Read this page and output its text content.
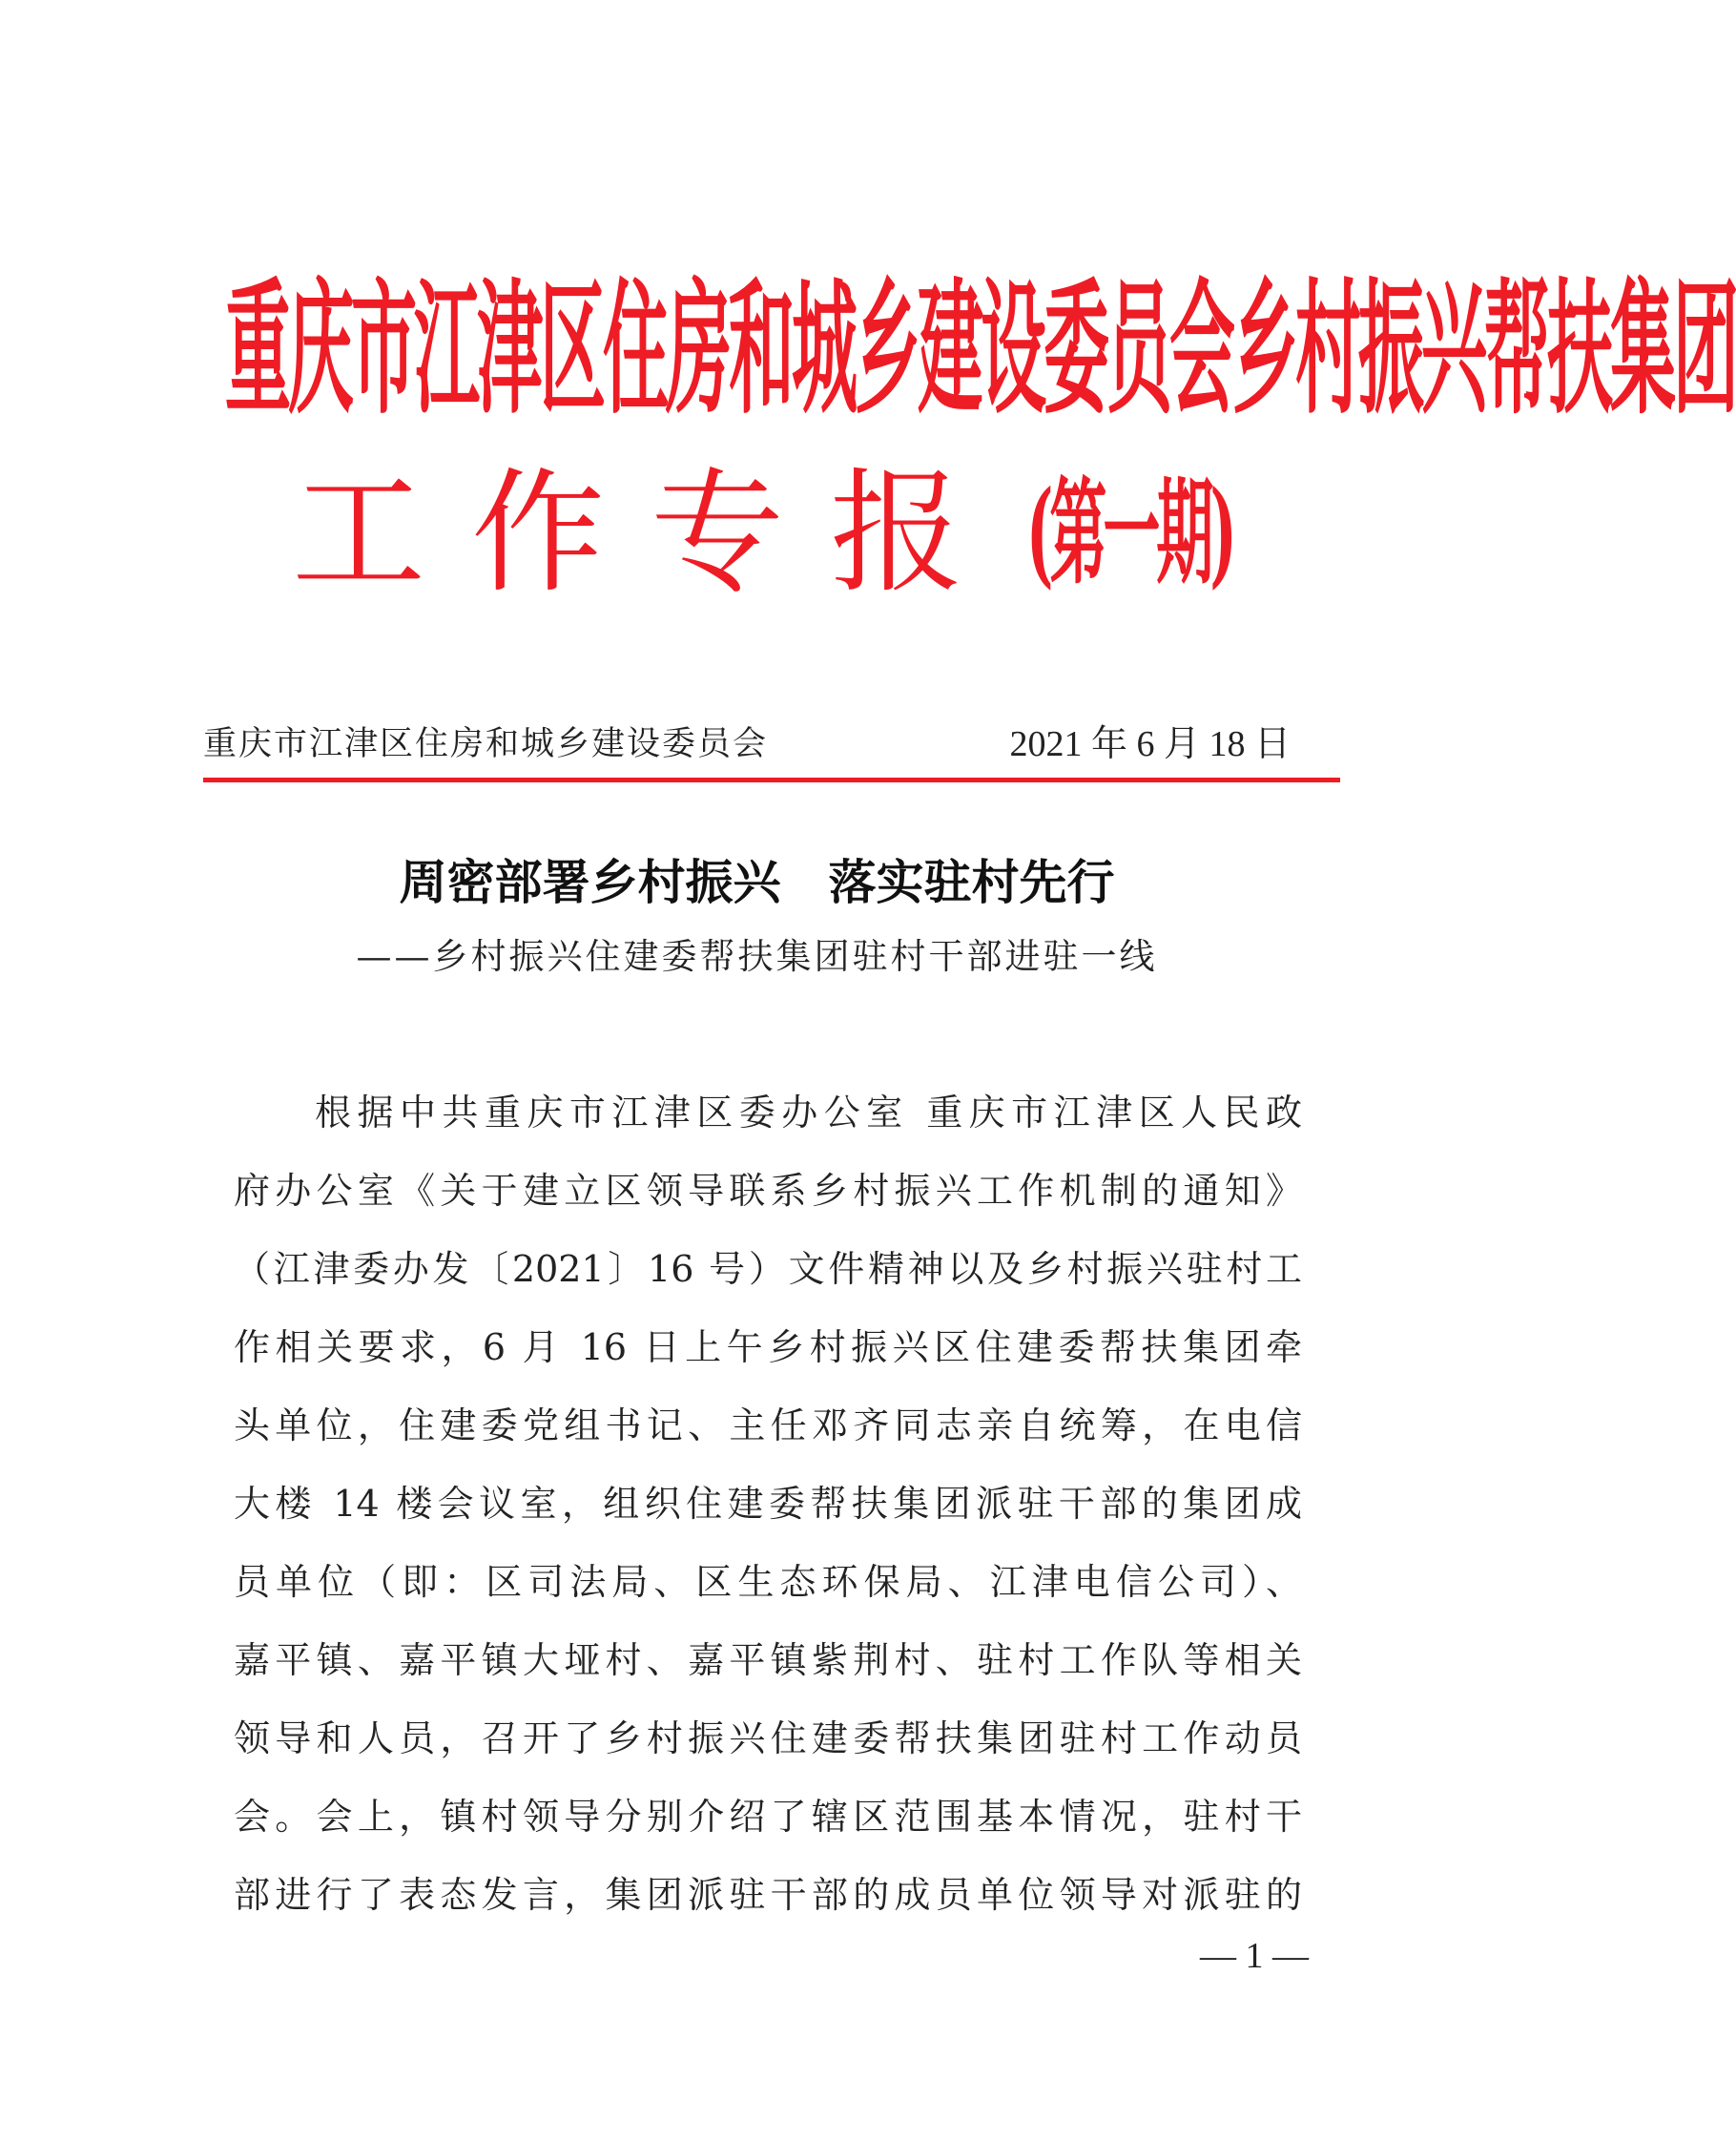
重庆市江津区住房和城乡建设委员会乡村振兴帮扶集团
工作专报 (第一期)
重庆市江津区住房和城乡建设委员会	2021 年 6 月 18 日
周密部署乡村振兴　落实驻村先行
——乡村振兴住建委帮扶集团驻村干部进驻一线
根据中共重庆市江津区委办公室 重庆市江津区人民政
府办公室《关于建立区领导联系乡村振兴工作机制的通知》
（江津委办发〔2021〕16 号）文件精神以及乡村振兴驻村工
作相关要求，6 月 16 日上午乡村振兴区住建委帮扶集团牵
头单位，住建委党组书记、主任邓齐同志亲自统筹，在电信
大楼 14 楼会议室，组织住建委帮扶集团派驻干部的集团成
员单位（即：区司法局、区生态环保局、江津电信公司）、
嘉平镇、嘉平镇大垭村、嘉平镇紫荆村、驻村工作队等相关
领导和人员，召开了乡村振兴住建委帮扶集团驻村工作动员
会。会上，镇村领导分别介绍了辖区范围基本情况，驻村干
部进行了表态发言，集团派驻干部的成员单位领导对派驻的
— 1 —
